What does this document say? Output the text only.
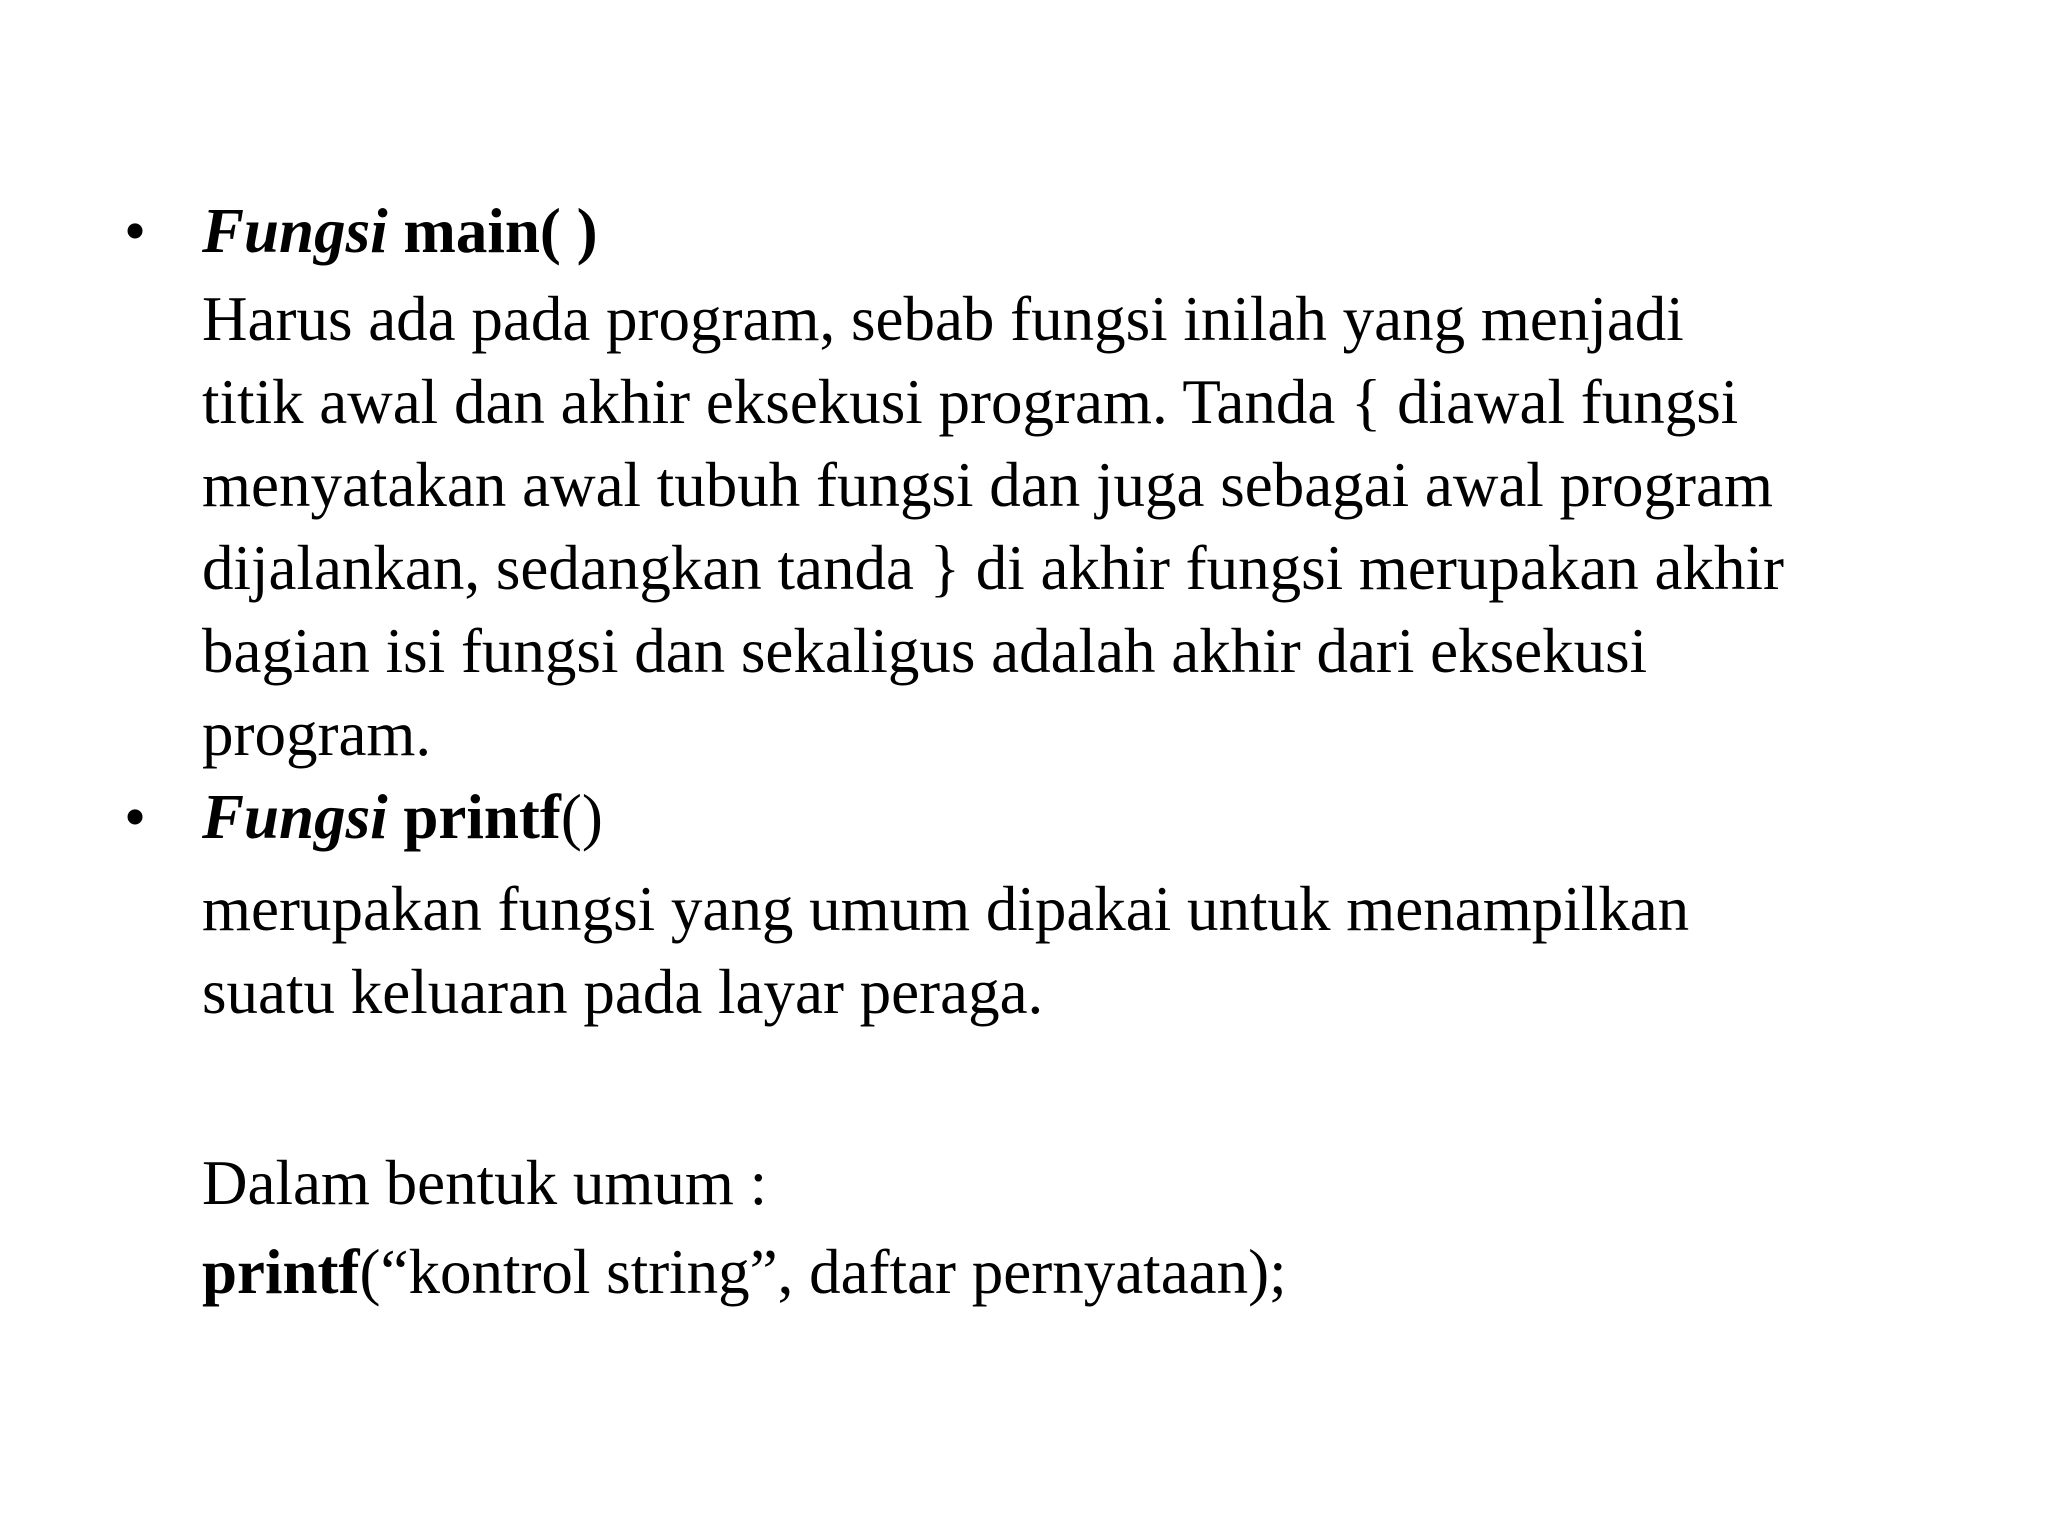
• Fungsi main( )
Harus ada pada program, sebab fungsi inilah yang menjadi
titik awal dan akhir eksekusi program. Tanda { diawal fungsi
menyatakan awal tubuh fungsi dan juga sebagai awal program
dijalankan, sedangkan tanda } di akhir fungsi merupakan akhir
bagian isi fungsi dan sekaligus adalah akhir dari eksekusi
program.
• Fungsi printf()
merupakan fungsi yang umum dipakai untuk menampilkan
suatu keluaran pada layar peraga.
Dalam bentuk umum :
printf(“kontrol string”, daftar pernyataan);
